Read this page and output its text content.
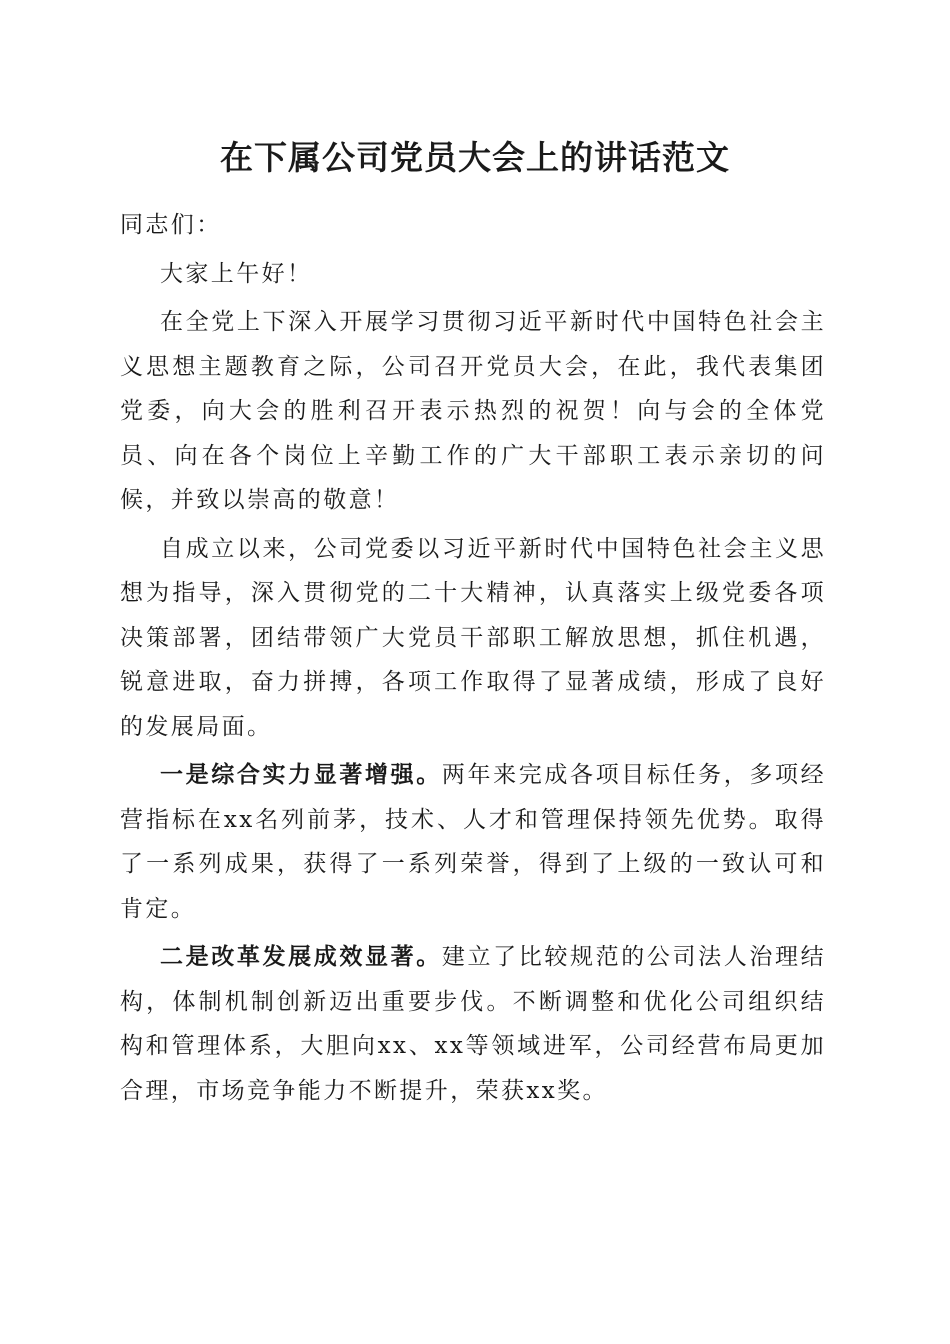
在下属公司党员大会上的讲话范文

同志们：

大家上午好！

在全党上下深入开展学习贯彻习近平新时代中国特色社会主义思想主题教育之际，公司召开党员大会，在此，我代表集团党委，向大会的胜利召开表示热烈的祝贺！向与会的全体党员、向在各个岗位上辛勤工作的广大干部职工表示亲切的问候，并致以崇高的敬意！

自成立以来，公司党委以习近平新时代中国特色社会主义思想为指导，深入贯彻党的二十大精神，认真落实上级党委各项决策部署，团结带领广大党员干部职工解放思想，抓住机遇，锐意进取，奋力拼搏，各项工作取得了显著成绩，形成了良好的发展局面。

一是综合实力显著增强。两年来完成各项目标任务，多项经营指标在xx名列前茅，技术、人才和管理保持领先优势。取得了一系列成果，获得了一系列荣誉，得到了上级的一致认可和肯定。

二是改革发展成效显著。建立了比较规范的公司法人治理结构，体制机制创新迈出重要步伐。不断调整和优化公司组织结构和管理体系，大胆向xx、xx等领域进军，公司经营布局更加合理，市场竞争能力不断提升，荣获xx奖。
